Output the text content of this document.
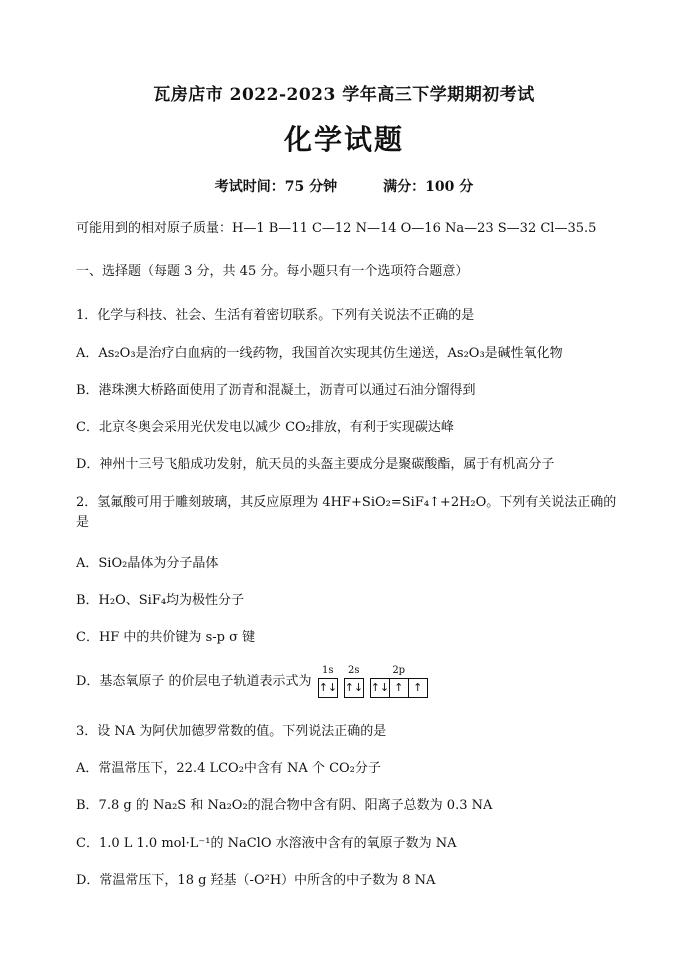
瓦房店市 2022-2023 学年高三下学期期初考试
化学试题
考试时间：75 分钟	满分：100 分
可能用到的相对原子质量：H—1 B—11 C—12 N—14 O—16 Na—23 S—32 Cl—35.5
一、选择题（每题 3 分，共 45 分。每小题只有一个选项符合题意）
1．化学与科技、社会、生活有着密切联系。下列有关说法不正确的是
A．As₂O₃是治疗白血病的一线药物，我国首次实现其仿生递送，As₂O₃是碱性氧化物
B．港珠澳大桥路面使用了沥青和混凝土，沥青可以通过石油分馏得到
C．北京冬奥会采用光伏发电以减少 CO₂排放，有利于实现碳达峰
D．神州十三号飞船成功发射，航天员的头盔主要成分是聚碳酸酯，属于有机高分子
2．氢氟酸可用于雕刻玻璃，其反应原理为 4HF+SiO₂=SiF₄↑+2H₂O。下列有关说法正确的
是
A．SiO₂晶体为分子晶体
B．H₂O、SiF₄均为极性分子
C．HF 中的共价键为 s-p σ 键
D．基态氧原子 的价层电子轨道表示式为
1s
↑↓
2s
↑↓
2p
↑↓ ↑ ↑
3．设 NA 为阿伏加德罗常数的值。下列说法正确的是
A．常温常压下，22.4 LCO₂中含有 NA 个 CO₂分子
B．7.8 g 的 Na₂S 和 Na₂O₂的混合物中含有阴、阳离子总数为 0.3 NA
C．1.0 L 1.0 mol·L⁻¹的 NaClO 水溶液中含有的氧原子数为 NA
D．常温常压下，18 g 羟基（-O²H）中所含的中子数为 8 NA
